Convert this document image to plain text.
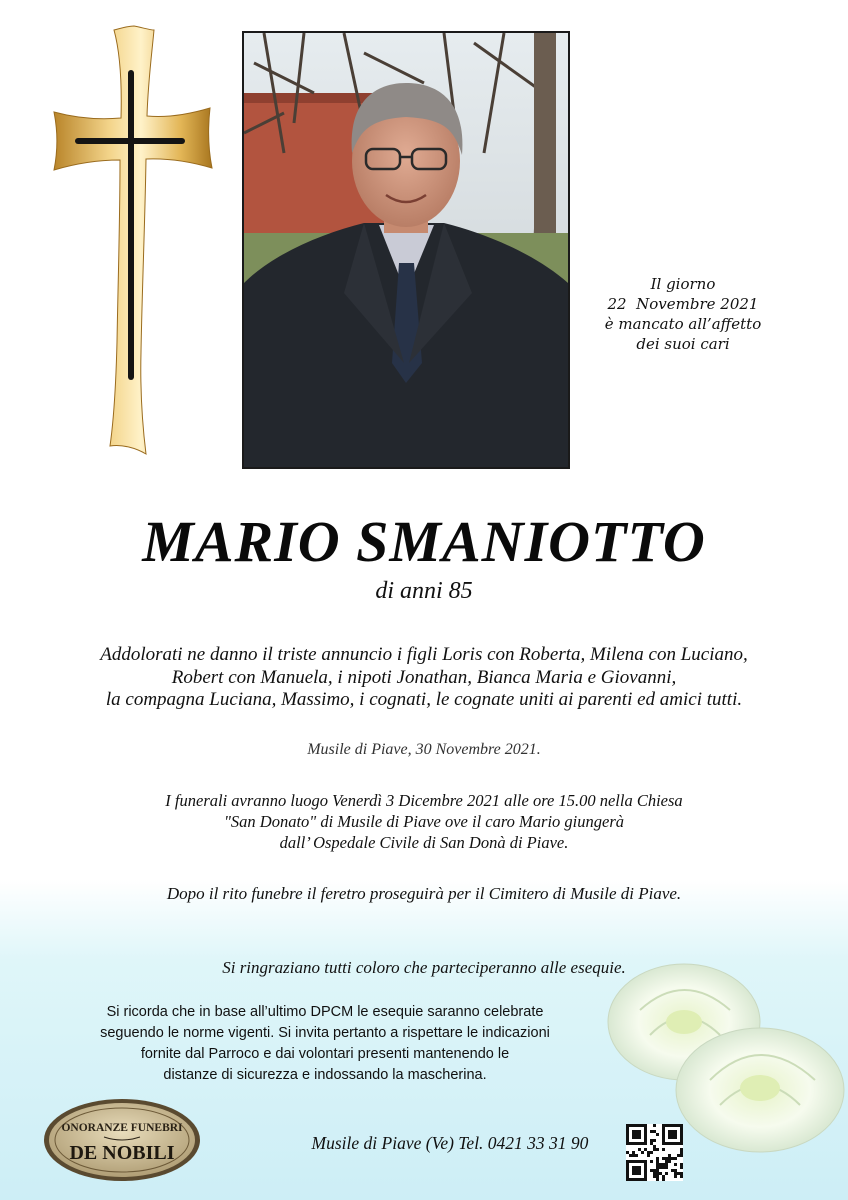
Il giorno
22  Novembre 2021
è mancato all’affetto
dei suoi cari
MARIO SMANIOTTO
di anni 85
Addolorati ne danno il triste annuncio i figli Loris con Roberta, Milena con Luciano,
Robert con Manuela, i nipoti Jonathan, Bianca Maria e Giovanni,
la compagna Luciana, Massimo, i cognati, le cognate uniti ai parenti ed amici tutti.
Musile di Piave, 30 Novembre 2021.
I funerali avranno luogo Venerdì 3 Dicembre 2021 alle ore 15.00 nella Chiesa
"San Donato" di Musile di Piave ove il caro Mario giungerà
dall’ Ospedale Civile di San Donà di Piave.
Dopo il rito funebre il feretro proseguirà per il Cimitero di Musile di Piave.
Si ringraziano tutti coloro che parteciperanno alle esequie.
Si ricorda che in base all’ultimo DPCM le esequie saranno celebrate
seguendo le norme vigenti. Si invita pertanto a rispettare le indicazioni
fornite dal Parroco e dai volontari presenti mantenendo le
distanze di sicurezza e indossando la mascherina.
ONORANZE FUNEBRI
DE NOBILI	Musile di Piave (Ve) Tel. 0421 33 31 90
